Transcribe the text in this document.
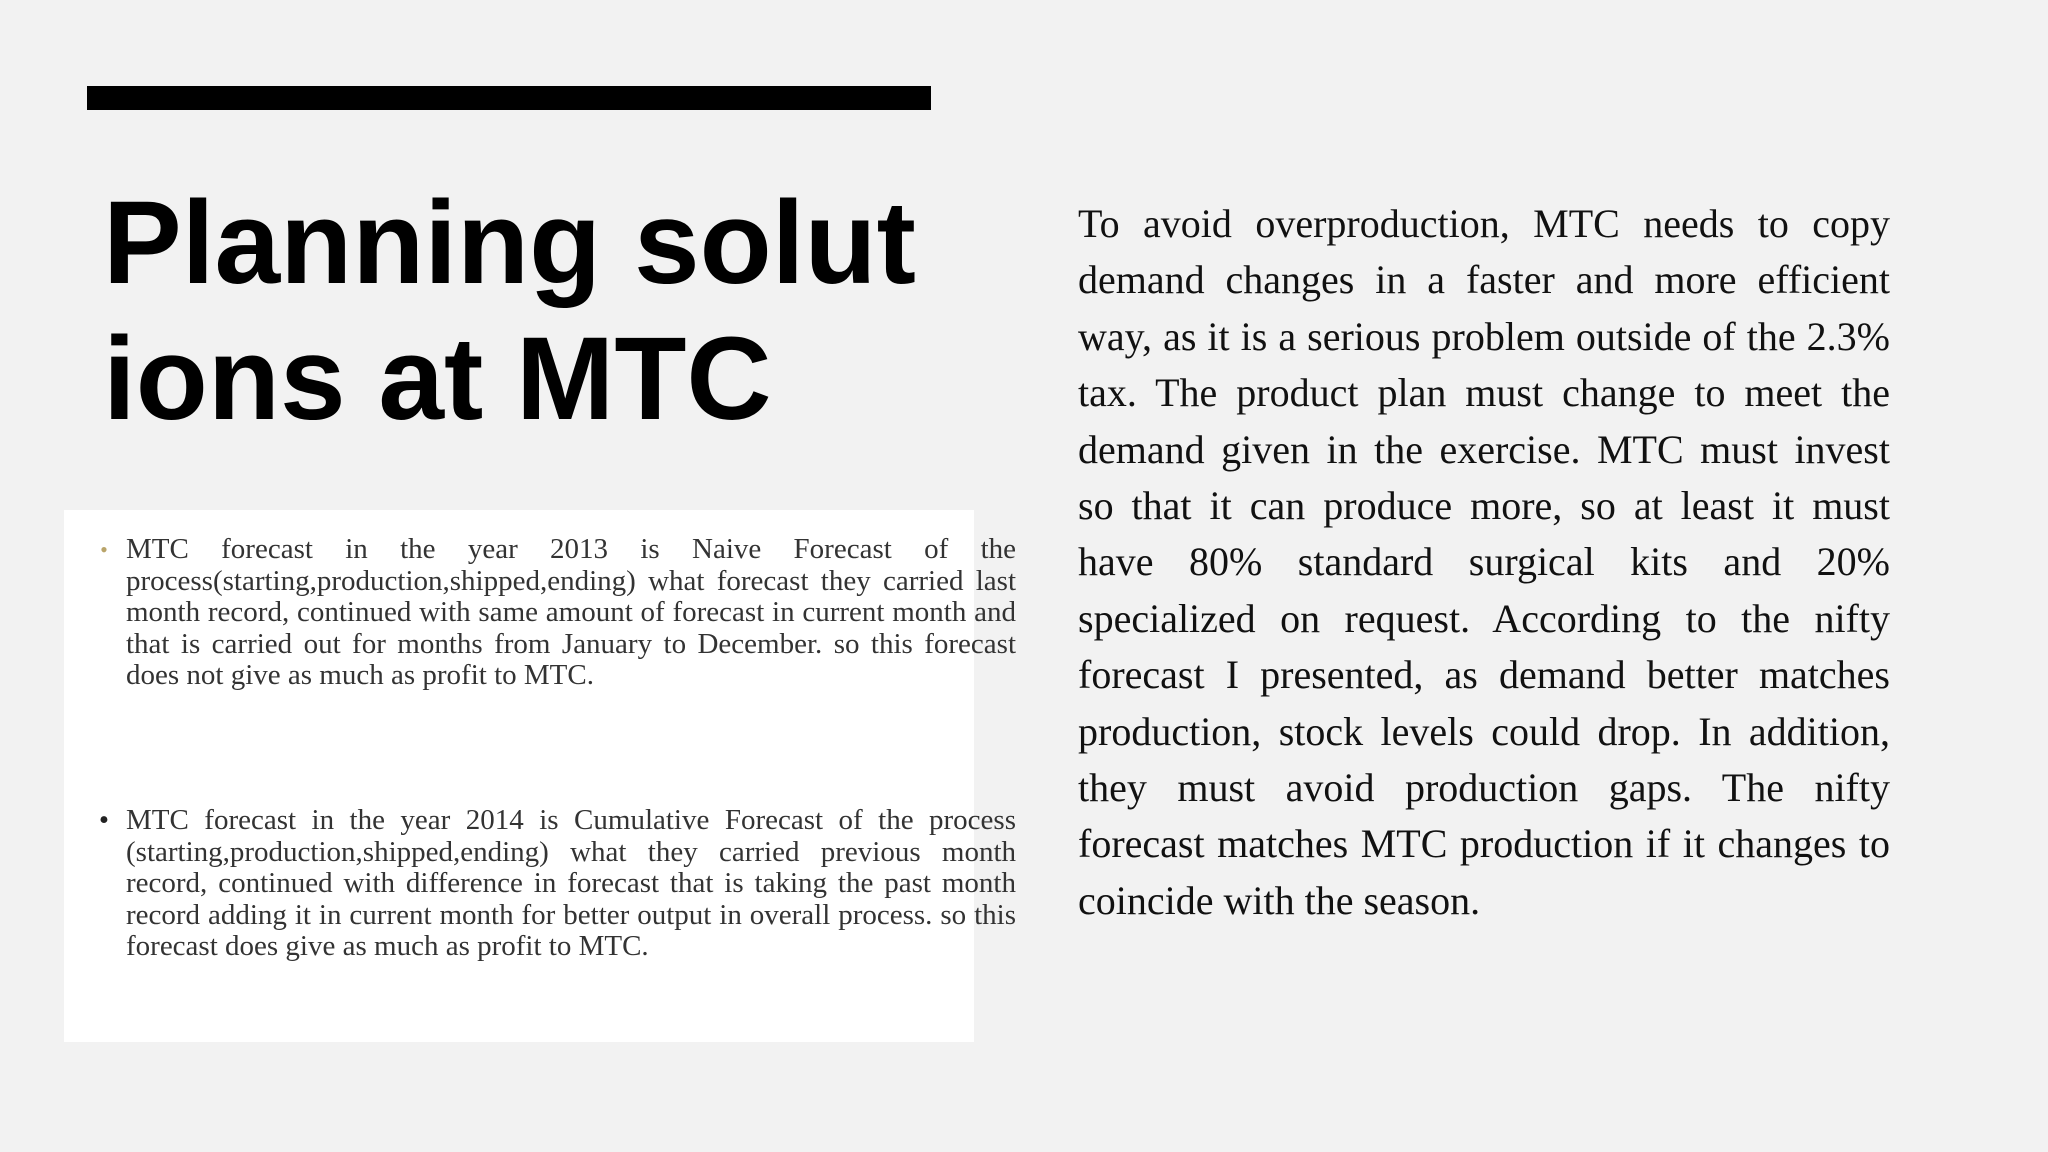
Planning solut
ions at MTC
• MTC forecast in the year 2013 is Naive Forecast of the process(starting,production,shipped,ending) what forecast they carried last month record, continued with same amount of forecast in current month and that is carried out for months from January to December. so this forecast does not give as much as profit to MTC.
• MTC forecast in the year 2014 is Cumulative Forecast of the process (starting,production,shipped,ending) what they carried previous month record, continued with difference in forecast that is taking the past month record adding it in current month for better output in overall process. so this forecast does give as much as profit to MTC.

To avoid overproduction, MTC needs to copy demand changes in a faster and more efficient way, as it is a serious problem outside of the 2.3% tax. The product plan must change to meet the demand given in the exercise. MTC must invest so that it can produce more, so at least it must have 80% standard surgical kits and 20% specialized on request. According to the nifty forecast I presented, as demand better matches production, stock levels could drop. In addition, they must avoid production gaps. The nifty forecast matches MTC production if it changes to coincide with the season.
